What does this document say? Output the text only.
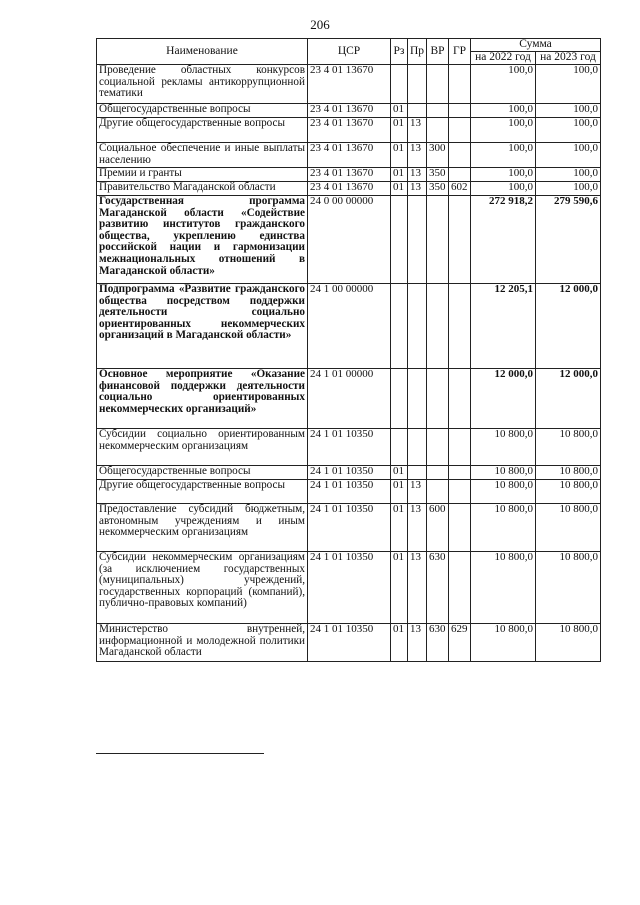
206
Наименование	ЦСР	Рз	Пр	ВР	ГР	Сумма	
						на 2022 год	на 2023 год
Проведение областных конкурсов социальной рекламы антикоррупционной тематики	23 4 01 13670					100,0	100,0
Общегосударственные вопросы	23 4 01 13670	01				100,0	100,0
Другие общегосударственные вопросы	23 4 01 13670	01	13			100,0	100,0
Социальное обеспечение и иные выплаты населению	23 4 01 13670	01	13	300		100,0	100,0
Премии и гранты	23 4 01 13670	01	13	350		100,0	100,0
Правительство Магаданской области	23 4 01 13670	01	13	350	602	100,0	100,0
Государственная программа Магаданской области «Содействие развитию институтов гражданского общества, укреплению единства российской нации и гармонизации межнациональных отношений в Магаданской области»	24 0 00 00000					272 918,2	279 590,6
Подпрограмма «Развитие гражданского общества посредством поддержки деятельности социально ориентированных некоммерческих организаций в Магаданской области»	24 1 00 00000					12 205,1	12 000,0
Основное мероприятие «Оказание финансовой поддержки деятельности социально ориентированных некоммерческих организаций»	24 1 01 00000					12 000,0	12 000,0
Субсидии социально ориентированным некоммерческим организациям	24 1 01 10350					10 800,0	10 800,0
Общегосударственные вопросы	24 1 01 10350	01				10 800,0	10 800,0
Другие общегосударственные вопросы	24 1 01 10350	01	13			10 800,0	10 800,0
Предоставление субсидий бюджетным, автономным учреждениям и иным некоммерческим организациям	24 1 01 10350	01	13	600		10 800,0	10 800,0
Субсидии некоммерческим организациям (за исключением государственных (муниципальных) учреждений, государственных корпораций (компаний), публично-правовых компаний)	24 1 01 10350	01	13	630		10 800,0	10 800,0
Министерство внутренней, информационной и молодежной политики Магаданской области	24 1 01 10350	01	13	630	629	10 800,0	10 800,0
